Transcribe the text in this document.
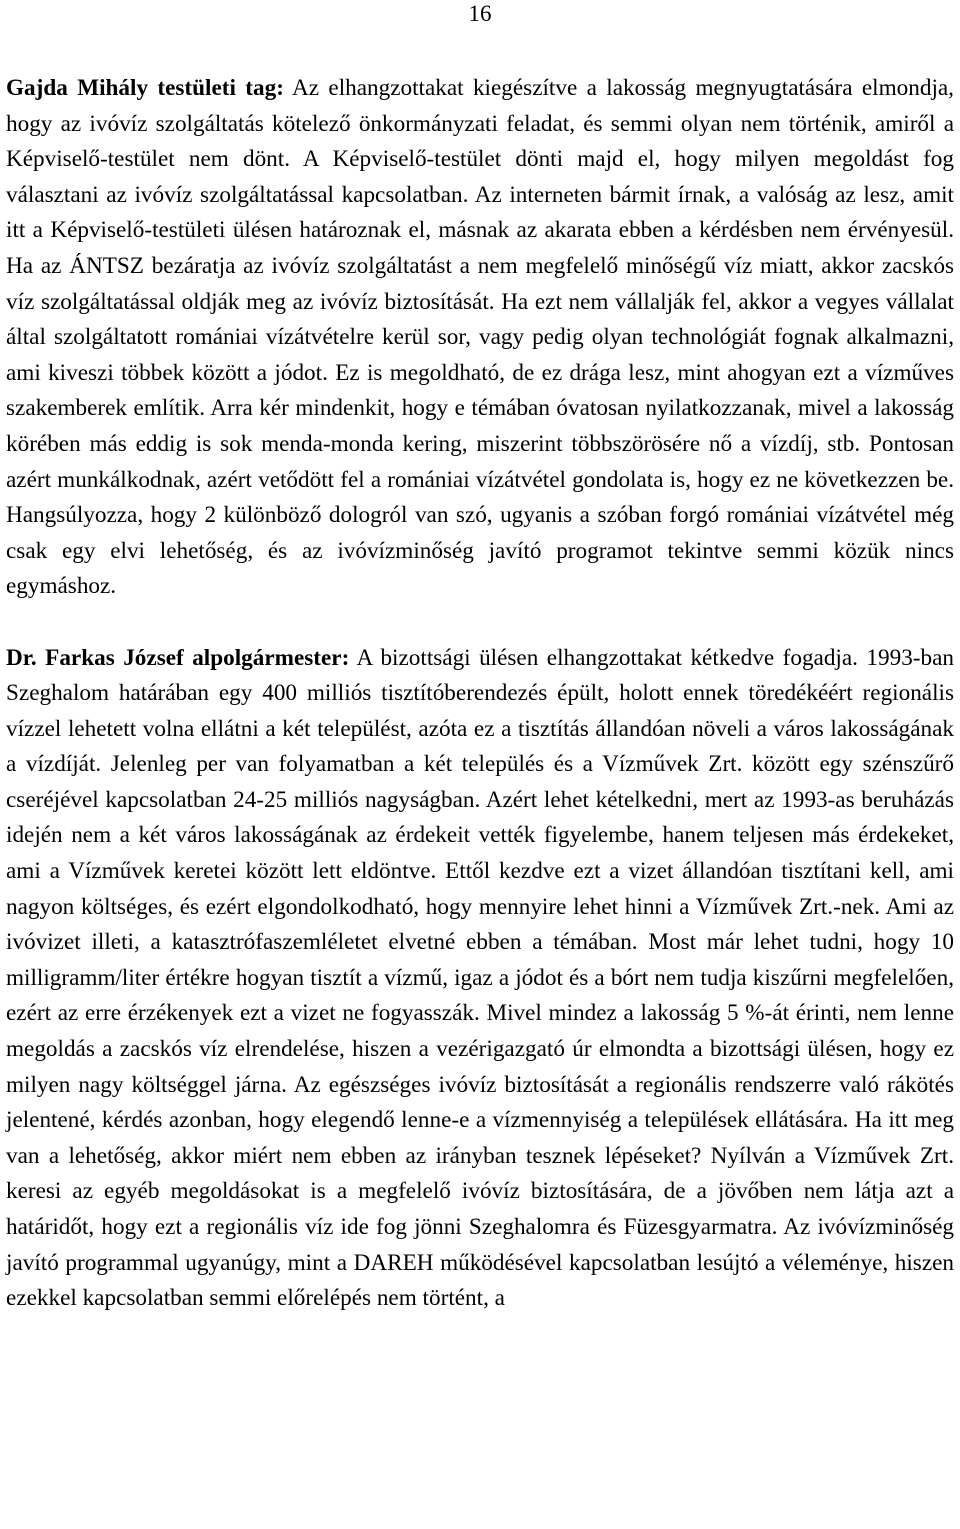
16

Gajda Mihály testületi tag: Az elhangzottakat kiegészítve a lakosság megnyugtatására elmondja, hogy az ivóvíz szolgáltatás kötelező önkormányzati feladat, és semmi olyan nem történik, amiről a Képviselő-testület nem dönt. A Képviselő-testület dönti majd el, hogy milyen megoldást fog választani az ivóvíz szolgáltatással kapcsolatban. Az interneten bármit írnak, a valóság az lesz, amit itt a Képviselő-testületi ülésen határoznak el, másnak az akarata ebben a kérdésben nem érvényesül. Ha az ÁNTSZ bezáratja az ivóvíz szolgáltatást a nem megfelelő minőségű víz miatt, akkor zacskós víz szolgáltatással oldják meg az ivóvíz biztosítását. Ha ezt nem vállalják fel, akkor a vegyes vállalat által szolgáltatott romániai vízátvételre kerül sor, vagy pedig olyan technológiát fognak alkalmazni, ami kiveszi többek között a jódot. Ez is megoldható, de ez drága lesz, mint ahogyan ezt a vízműves szakemberek említik. Arra kér mindenkit, hogy e témában óvatosan nyilatkozzanak, mivel a lakosság körében más eddig is sok menda-monda kering, miszerint többszörösére nő a vízdíj, stb. Pontosan azért munkálkodnak, azért vetődött fel a romániai vízátvétel gondolata is, hogy ez ne következzen be. Hangsúlyozza, hogy 2 különböző dologról van szó, ugyanis a szóban forgó romániai vízátvétel még csak egy elvi lehetőség, és az ivóvízminőség javító programot tekintve semmi közük nincs egymáshoz.

Dr. Farkas József alpolgármester: A bizottsági ülésen elhangzottakat kétkedve fogadja. 1993-ban Szeghalom határában egy 400 milliós tisztítóberendezés épült, holott ennek töredékéért regionális vízzel lehetett volna ellátni a két települést, azóta ez a tisztítás állandóan növeli a város lakosságának a vízdíját. Jelenleg per van folyamatban a két település és a Vízművek Zrt. között egy szénszűrő cseréjével kapcsolatban 24-25 milliós nagyságban. Azért lehet kételkedni, mert az 1993-as beruházás idején nem a két város lakosságának az érdekeit vették figyelembe, hanem teljesen más érdekeket, ami a Vízművek keretei között lett eldöntve. Ettől kezdve ezt a vizet állandóan tisztítani kell, ami nagyon költséges, és ezért elgondolkodható, hogy mennyire lehet hinni a Vízművek Zrt.-nek. Ami az ivóvizet illeti, a katasztrófaszemléletet elvetné ebben a témában. Most már lehet tudni, hogy 10 milligramm/liter értékre hogyan tisztít a vízmű, igaz a jódot és a bórt nem tudja kiszűrni megfelelően, ezért az erre érzékenyek ezt a vizet ne fogyasszák. Mivel mindez a lakosság 5 %-át érinti, nem lenne megoldás a zacskós víz elrendelése, hiszen a vezérigazgató úr elmondta a bizottsági ülésen, hogy ez milyen nagy költséggel járna. Az egészséges ivóvíz biztosítását a regionális rendszerre való rákötés jelentené, kérdés azonban, hogy elegendő lenne-e a vízmennyiség a települések ellátására. Ha itt meg van a lehetőség, akkor miért nem ebben az irányban tesznek lépéseket? Nyílván a Vízművek Zrt. keresi az egyéb megoldásokat is a megfelelő ivóvíz biztosítására, de a jövőben nem látja azt a határidőt, hogy ezt a regionális víz ide fog jönni Szeghalomra és Füzesgyarmatra. Az ivóvízminőség javító programmal ugyanúgy, mint a DAREH működésével kapcsolatban lesújtó a véleménye, hiszen ezekkel kapcsolatban semmi előrelépés nem történt, a
